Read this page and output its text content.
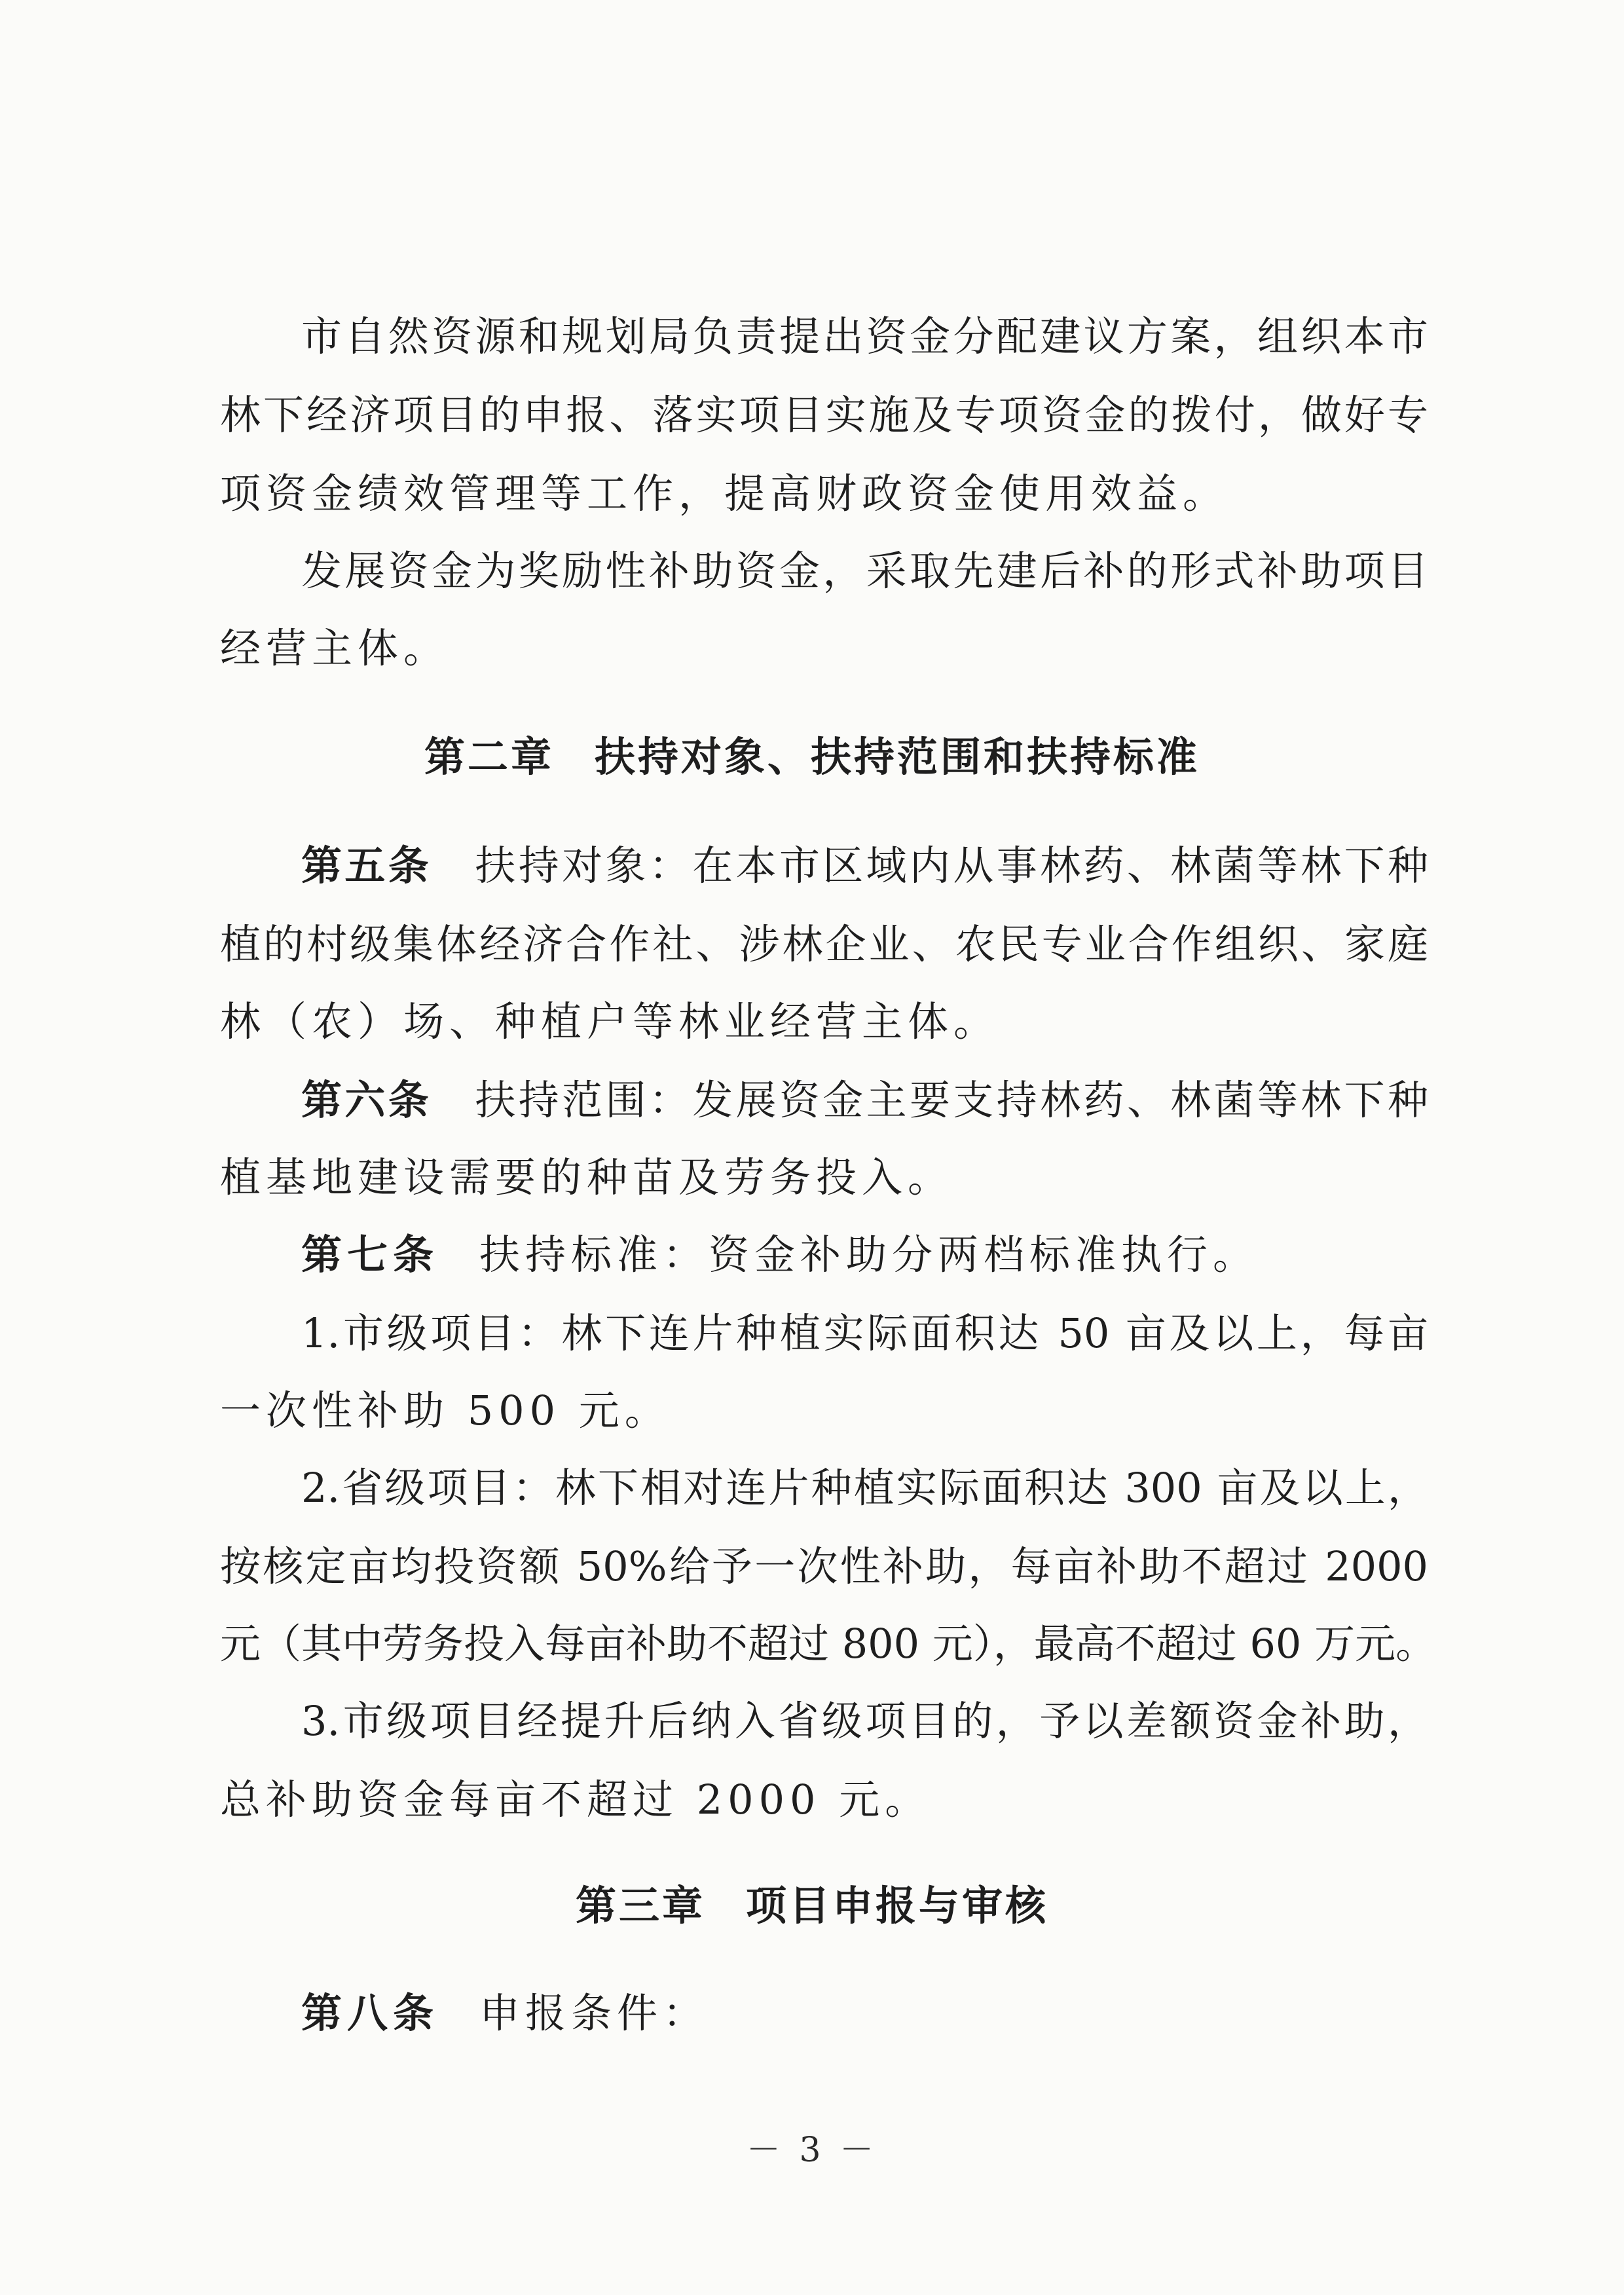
市自然资源和规划局负责提出资金分配建议方案，组织本市
林下经济项目的申报、落实项目实施及专项资金的拨付，做好专
项资金绩效管理等工作，提高财政资金使用效益。
发展资金为奖励性补助资金，采取先建后补的形式补助项目
经营主体。
第二章 扶持对象、扶持范围和扶持标准
第五条 扶持对象：在本市区域内从事林药、林菌等林下种
植的村级集体经济合作社、涉林企业、农民专业合作组织、家庭
林（农）场、种植户等林业经营主体。
第六条 扶持范围：发展资金主要支持林药、林菌等林下种
植基地建设需要的种苗及劳务投入。
第七条 扶持标准：资金补助分两档标准执行。
1.市级项目：林下连片种植实际面积达 50 亩及以上，每亩
一次性补助 500 元。
2.省级项目：林下相对连片种植实际面积达 300 亩及以上，
按核定亩均投资额 50%给予一次性补助，每亩补助不超过 2000
元（其中劳务投入每亩补助不超过 800 元），最高不超过 60 万元。
3.市级项目经提升后纳入省级项目的，予以差额资金补助，
总补助资金每亩不超过 2000 元。
第三章 项目申报与审核
第八条 申报条件：
－ 3 －
